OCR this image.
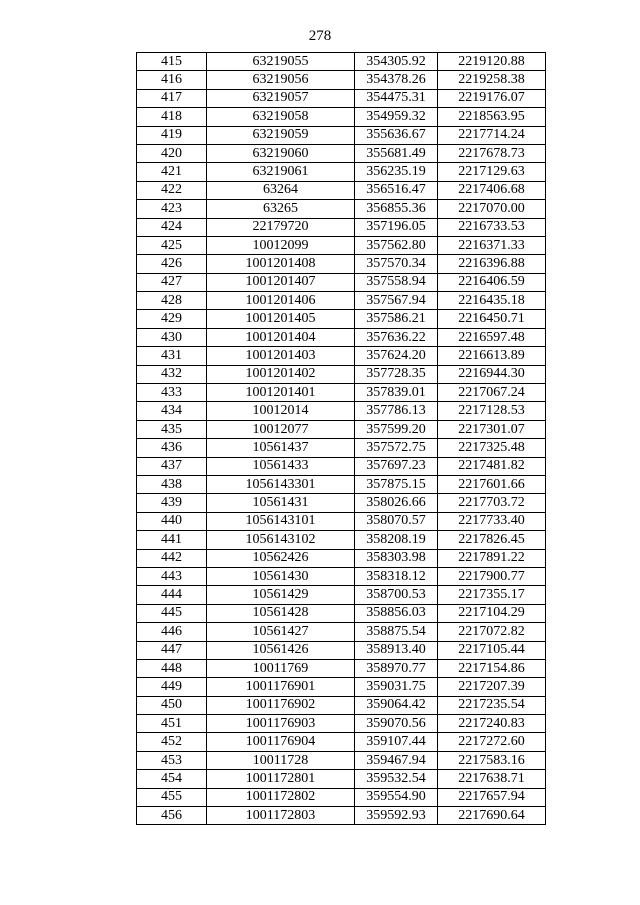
278
415	63219055	354305.92	2219120.88
416	63219056	354378.26	2219258.38
417	63219057	354475.31	2219176.07
418	63219058	354959.32	2218563.95
419	63219059	355636.67	2217714.24
420	63219060	355681.49	2217678.73
421	63219061	356235.19	2217129.63
422	63264	356516.47	2217406.68
423	63265	356855.36	2217070.00
424	22179720	357196.05	2216733.53
425	10012099	357562.80	2216371.33
426	1001201408	357570.34	2216396.88
427	1001201407	357558.94	2216406.59
428	1001201406	357567.94	2216435.18
429	1001201405	357586.21	2216450.71
430	1001201404	357636.22	2216597.48
431	1001201403	357624.20	2216613.89
432	1001201402	357728.35	2216944.30
433	1001201401	357839.01	2217067.24
434	10012014	357786.13	2217128.53
435	10012077	357599.20	2217301.07
436	10561437	357572.75	2217325.48
437	10561433	357697.23	2217481.82
438	1056143301	357875.15	2217601.66
439	10561431	358026.66	2217703.72
440	1056143101	358070.57	2217733.40
441	1056143102	358208.19	2217826.45
442	10562426	358303.98	2217891.22
443	10561430	358318.12	2217900.77
444	10561429	358700.53	2217355.17
445	10561428	358856.03	2217104.29
446	10561427	358875.54	2217072.82
447	10561426	358913.40	2217105.44
448	10011769	358970.77	2217154.86
449	1001176901	359031.75	2217207.39
450	1001176902	359064.42	2217235.54
451	1001176903	359070.56	2217240.83
452	1001176904	359107.44	2217272.60
453	10011728	359467.94	2217583.16
454	1001172801	359532.54	2217638.71
455	1001172802	359554.90	2217657.94
456	1001172803	359592.93	2217690.64
